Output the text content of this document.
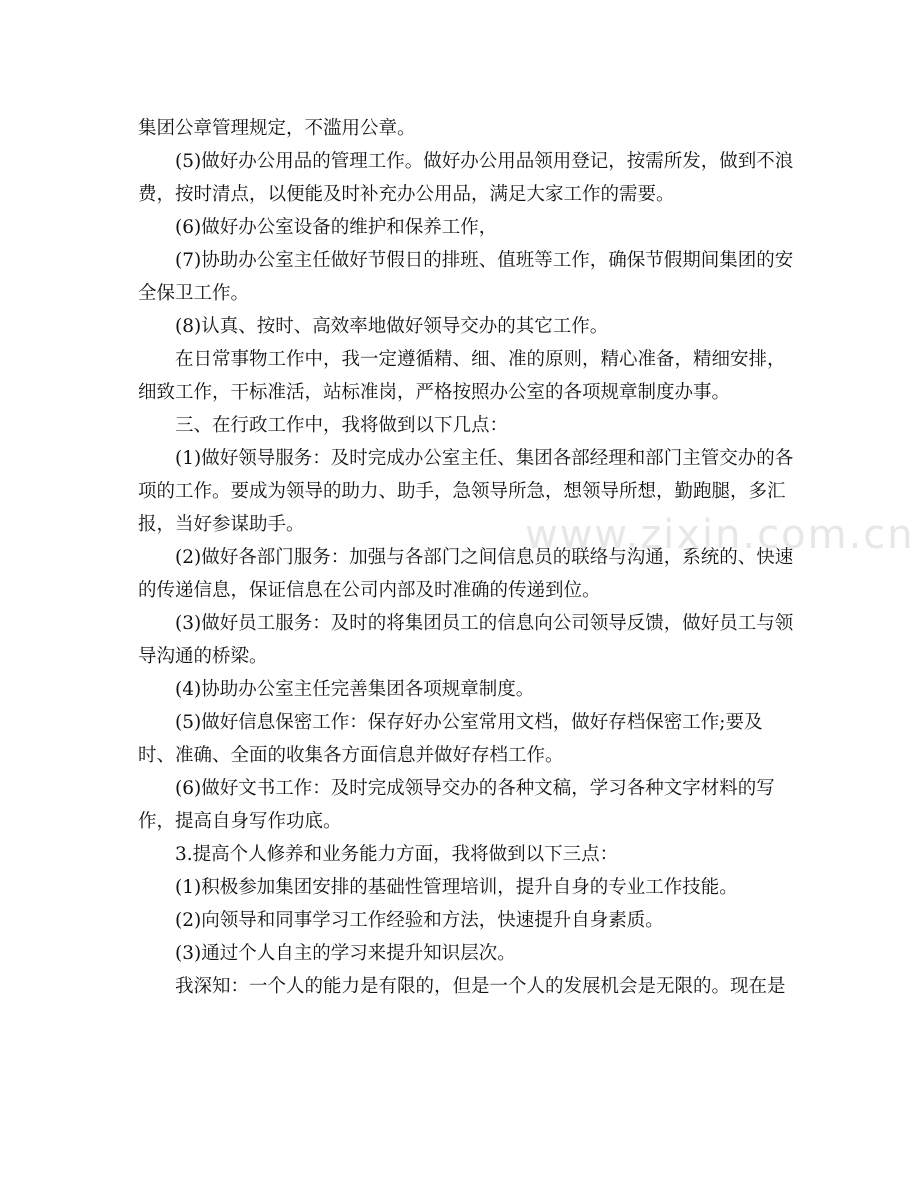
集团公章管理规定，不滥用公章。

(5)做好办公用品的管理工作。做好办公用品领用登记，按需所发，做到不浪

费，按时清点，以便能及时补充办公用品，满足大家工作的需要。

(6)做好办公室设备的维护和保养工作，

(7)协助办公室主任做好节假日的排班、值班等工作，确保节假期间集团的安

全保卫工作。

(8)认真、按时、高效率地做好领导交办的其它工作。

在日常事物工作中，我一定遵循精、细、准的原则，精心准备，精细安排，

细致工作，干标准活，站标准岗，严格按照办公室的各项规章制度办事。

三、在行政工作中，我将做到以下几点：

(1)做好领导服务：及时完成办公室主任、集团各部经理和部门主管交办的各

项的工作。要成为领导的助力、助手，急领导所急，想领导所想，勤跑腿，多汇

报，当好参谋助手。

(2)做好各部门服务：加强与各部门之间信息员的联络与沟通，系统的、快速

的传递信息，保证信息在公司内部及时准确的传递到位。

(3)做好员工服务：及时的将集团员工的信息向公司领导反馈，做好员工与领

导沟通的桥梁。

(4)协助办公室主任完善集团各项规章制度。

(5)做好信息保密工作：保存好办公室常用文档，做好存档保密工作;要及

时、准确、全面的收集各方面信息并做好存档工作。

(6)做好文书工作：及时完成领导交办的各种文稿，学习各种文字材料的写

作，提高自身写作功底。

3.提高个人修养和业务能力方面，我将做到以下三点：

(1)积极参加集团安排的基础性管理培训，提升自身的专业工作技能。

(2)向领导和同事学习工作经验和方法，快速提升自身素质。

(3)通过个人自主的学习来提升知识层次。

我深知：一个人的能力是有限的，但是一个人的发展机会是无限的。现在是

www.zixin.com.cn
